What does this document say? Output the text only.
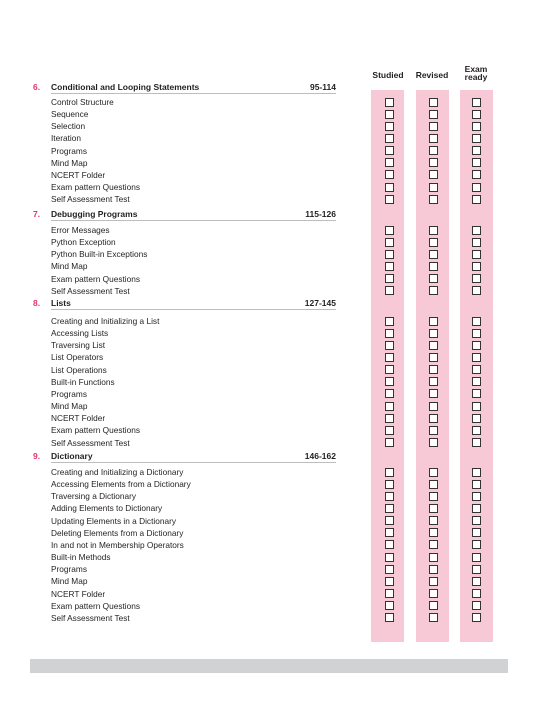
Studied	Revised
Exam
ready
6. Conditional and Looping Statements	95-114
Control Structure
Sequence
Selection
Iteration
Programs
Mind Map
NCERT Folder
Exam pattern Questions
Self Assessment Test
7. Debugging Programs	115-126
Error Messages
Python Exception
Python Built-in Exceptions
Mind Map
Exam pattern Questions
Self Assessment Test
8. Lists	127-145
Creating and Initializing a List
Accessing Lists
Traversing List
List Operators
List Operations
Built-in Functions
Programs
Mind Map
NCERT Folder
Exam pattern Questions
Self Assessment Test
9. Dictionary	146-162
Creating and Initializing a Dictionary
Accessing Elements from a Dictionary
Traversing a Dictionary
Adding Elements to Dictionary
Updating Elements in a Dictionary
Deleting Elements from a Dictionary
In and not in Membership Operators
Built-in Methods
Programs
Mind Map
NCERT Folder
Exam pattern Questions
Self Assessment Test
